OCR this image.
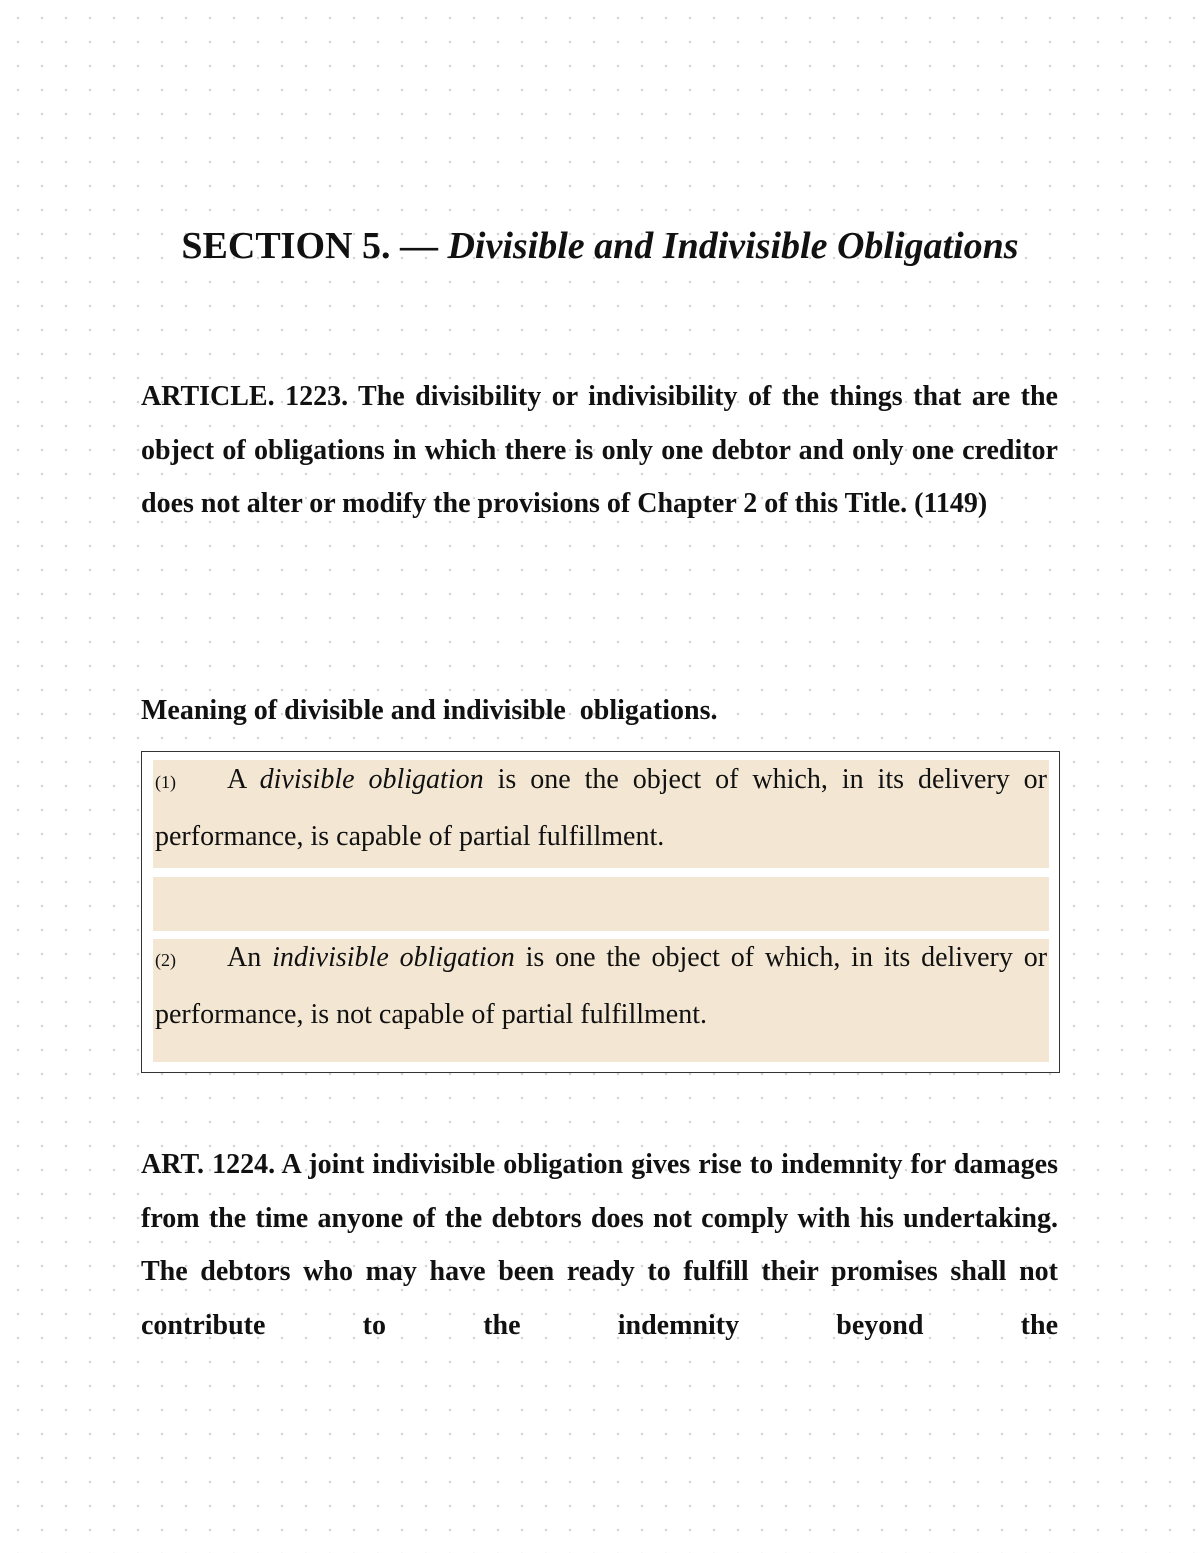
SECTION 5. — Divisible and Indivisible Obligations

ARTICLE. 1223. The divisibility or indivisibility of the things that are the object of obligations in which there is only one debtor and only one creditor does not alter or modify the provisions of Chapter 2 of this Title. (1149)

Meaning of divisible and indivisible  obligations.

(1) A divisible obligation is one the object of which, in its delivery or performance, is capable of partial fulfillment.

(2) An indivisible obligation is one the object of which, in its delivery or performance, is not capable of partial fulfillment.

ART. 1224. A joint indivisible obligation gives rise to indemnity for damages from the time anyone of the debtors does not comply with his undertaking. The debtors who may have been ready to fulfill their promises shall not contribute to the indemnity beyond the
